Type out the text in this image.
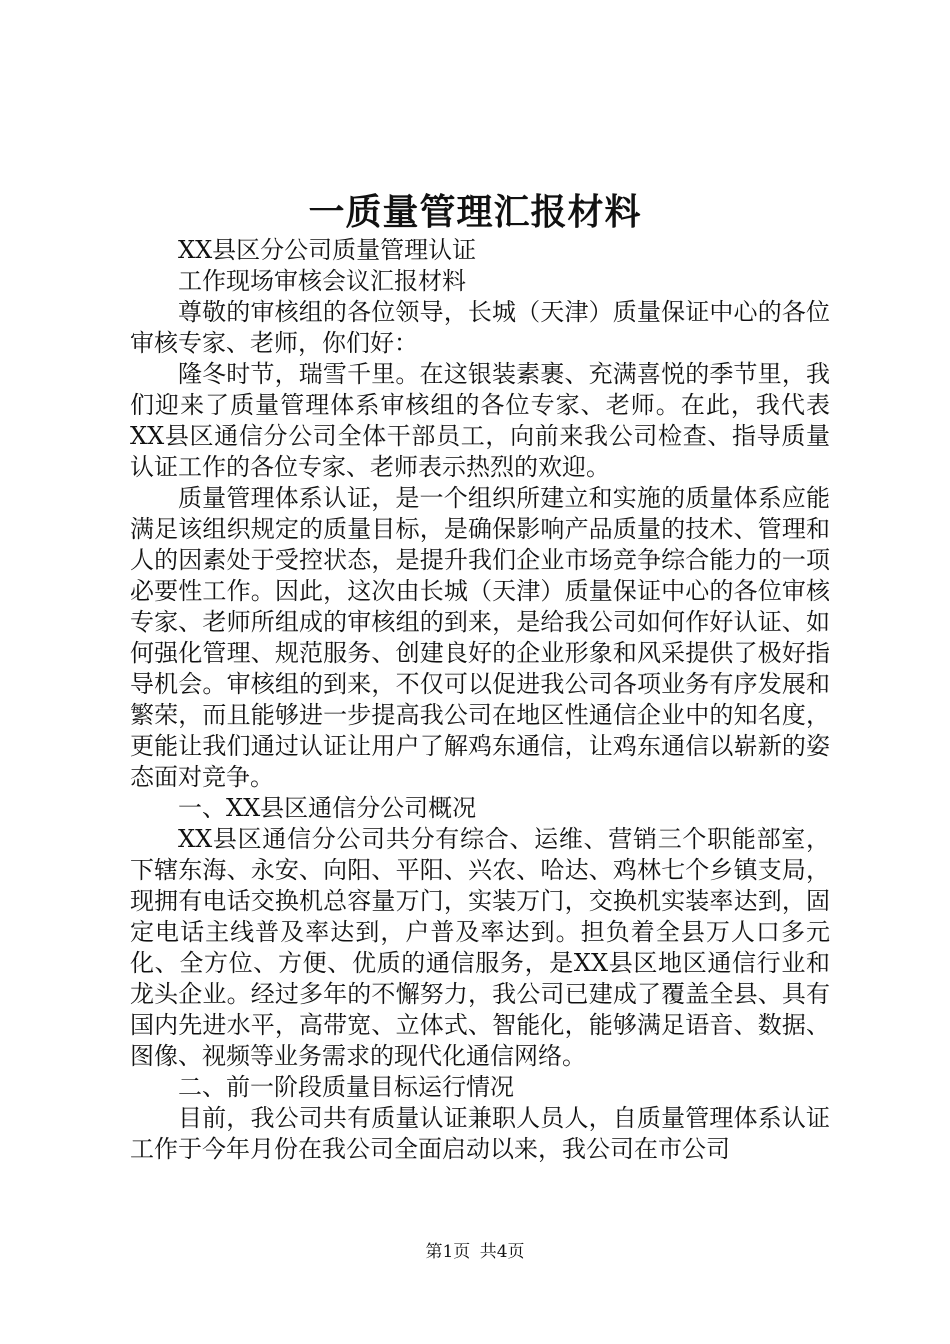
一质量管理汇报材料

XX县区分公司质量管理认证

工作现场审核会议汇报材料

尊敬的审核组的各位领导，长城（天津）质量保证中心的各位审核专家、老师，你们好：

隆冬时节，瑞雪千里。在这银装素裹、充满喜悦的季节里，我们迎来了质量管理体系审核组的各位专家、老师。在此，我代表XX县区通信分公司全体干部员工，向前来我公司检查、指导质量认证工作的各位专家、老师表示热烈的欢迎。

质量管理体系认证，是一个组织所建立和实施的质量体系应能满足该组织规定的质量目标，是确保影响产品质量的技术、管理和人的因素处于受控状态，是提升我们企业市场竞争综合能力的一项必要性工作。因此，这次由长城（天津）质量保证中心的各位审核专家、老师所组成的审核组的到来，是给我公司如何作好认证、如何强化管理、规范服务、创建良好的企业形象和风采提供了极好指导机会。审核组的到来，不仅可以促进我公司各项业务有序发展和繁荣，而且能够进一步提高我公司在地区性通信企业中的知名度，更能让我们通过认证让用户了解鸡东通信，让鸡东通信以崭新的姿态面对竞争。

一、XX县区通信分公司概况

XX县区通信分公司共分有综合、运维、营销三个职能部室，下辖东海、永安、向阳、平阳、兴农、哈达、鸡林七个乡镇支局，现拥有电话交换机总容量万门，实装万门，交换机实装率达到，固定电话主线普及率达到，户普及率达到。担负着全县万人口多元化、全方位、方便、优质的通信服务，是XX县区地区通信行业和龙头企业。经过多年的不懈努力，我公司已建成了覆盖全县、具有国内先进水平，高带宽、立体式、智能化，能够满足语音、数据、图像、视频等业务需求的现代化通信网络。

二、前一阶段质量目标运行情况

目前，我公司共有质量认证兼职人员人，自质量管理体系认证工作于今年月份在我公司全面启动以来，我公司在市公司

第1页 共4页
